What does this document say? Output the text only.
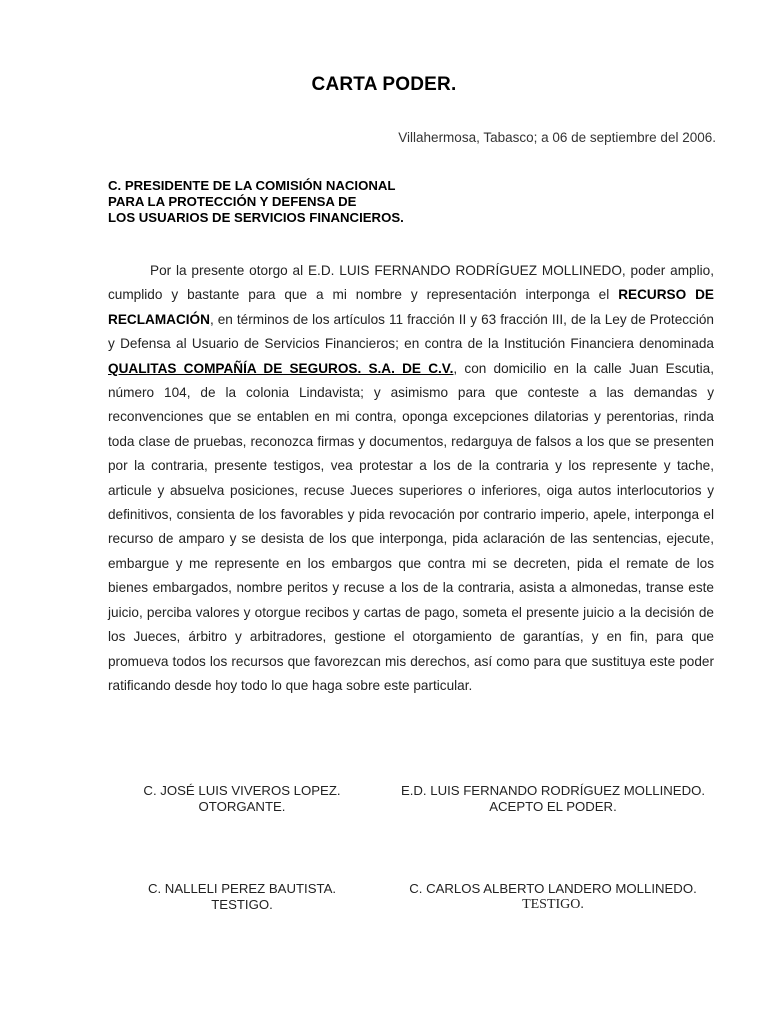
CARTA PODER.
Villahermosa, Tabasco; a 06 de septiembre del 2006.
C. PRESIDENTE DE LA COMISIÓN NACIONAL
PARA LA PROTECCIÓN Y DEFENSA DE
LOS USUARIOS DE SERVICIOS FINANCIEROS.
Por la presente otorgo al E.D. LUIS FERNANDO RODRÍGUEZ MOLLINEDO, poder amplio, cumplido y bastante para que a mi nombre y representación interponga el RECURSO DE RECLAMACIÓN, en términos de los artículos 11 fracción II y 63 fracción III, de la Ley de Protección y Defensa al Usuario de Servicios Financieros; en contra de la Institución Financiera denominada QUALITAS COMPAÑÍA DE SEGUROS. S.A. DE C.V., con domicilio en la calle Juan Escutia, número 104, de la colonia Lindavista; y asimismo para que conteste a las demandas y reconvenciones que se entablen en mi contra, oponga excepciones dilatorias y perentorias, rinda toda clase de pruebas, reconozca firmas y documentos, redarguya de falsos a los que se presenten por la contraria, presente testigos, vea protestar a los de la contraria y los represente y tache, articule y absuelva posiciones, recuse Jueces superiores o inferiores, oiga autos interlocutorios y definitivos, consienta de los favorables y pida revocación por contrario imperio, apele, interponga el recurso de amparo y se desista de los que interponga, pida aclaración de las sentencias, ejecute, embargue y me represente en los embargos que contra mi se decreten, pida el remate de los bienes embargados, nombre peritos y recuse a los de la contraria, asista a almonedas, transe este juicio, perciba valores y otorgue recibos y cartas de pago, someta el presente juicio a la decisión de los Jueces, árbitro y arbitradores, gestione el otorgamiento de garantías, y en fin, para que promueva todos los recursos que favorezcan mis derechos, así como para que sustituya este poder ratificando desde hoy todo lo que haga sobre este particular.
C. JOSÉ LUIS VIVEROS LOPEZ.
OTORGANTE.
E.D. LUIS FERNANDO RODRÍGUEZ MOLLINEDO.
ACEPTO EL PODER.
C. NALLELI PEREZ BAUTISTA.
TESTIGO.
C. CARLOS ALBERTO LANDERO MOLLINEDO.
TESTIGO.
